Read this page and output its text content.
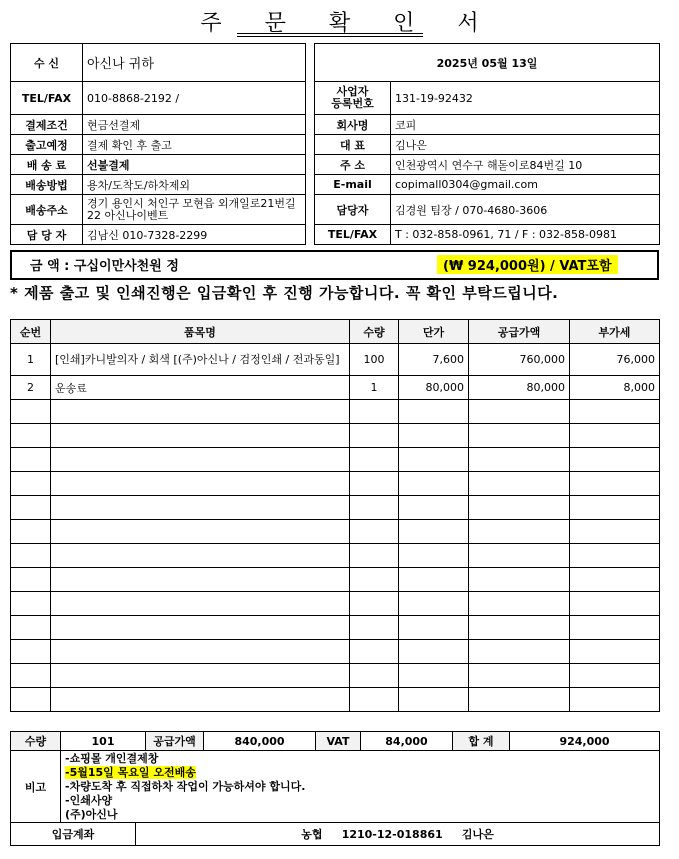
주 문 확 인 서
수 신	아신나 귀하
TEL/FAX	010-8868-2192 /
결제조건	현금선결제
출고예정	결제 확인 후 출고
배 송 료	선불결제
배송방법	용차/도착도/하차제외
배송주소	경기 용인시 처인구 모현읍 외개일로21번길 22 아신나이벤트
담 당 자	김남신 010-7328-2299
2025년 05월 13일	
사업자
등록번호	131-19-92432
회사명	코피
대 표	김나은
주 소	인천광역시 연수구 해돋이로84번길 10
E-mail	copimall0304@gmail.com
담당자	김경원 팀장 / 070-4680-3606
TEL/FAX	T : 032-858-0961, 71 / F : 032-858-0981
금 액 : 구십이만사천원 정	(₩ 924,000원) / VAT포함
* 제품 출고 및 인쇄진행은 입금확인 후 진행 가능합니다. 꼭 확인 부탁드립니다.
순번	품목명	수량	단가	공급가액	부가세
1	[인쇄]카니발의자 / 회색 [(주)아신나 / 검정인쇄 / 전과동일]	100	7,600	760,000	76,000
2	운송료	1	80,000	80,000	8,000

수량	101	공급가액	840,000	VAT	84,000	합 계	924,000
비고	
-쇼핑몰 개인결제창
-5월15일 목요일 오전배송
-차량도착 후 직접하차 작업이 가능하셔야 합니다.
-인쇄사양
(주)아신나
입금계좌	농협     1210-12-018861     김나은
